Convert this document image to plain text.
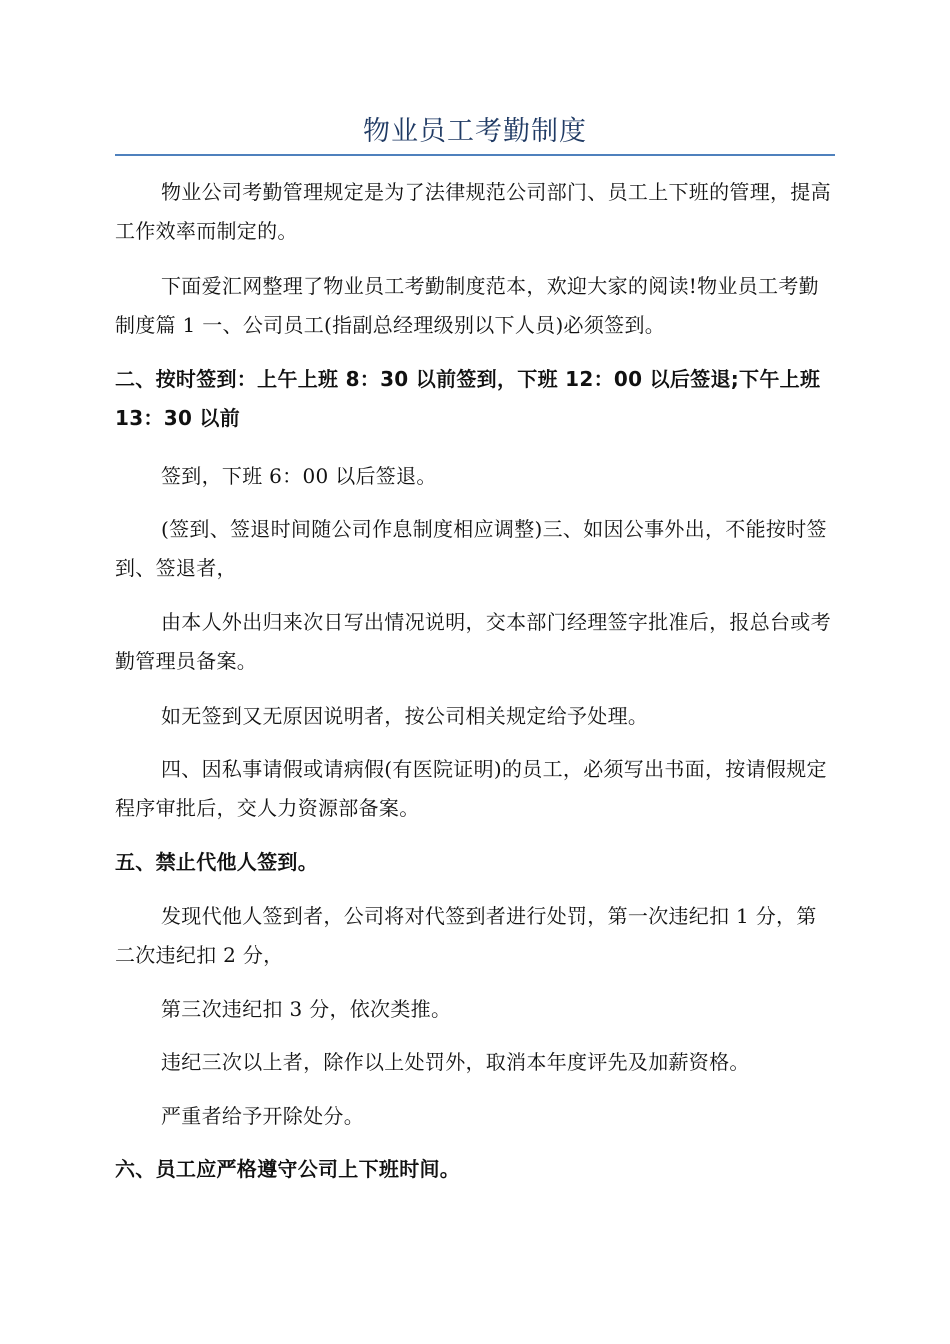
物业员工考勤制度

物业公司考勤管理规定是为了法律规范公司部门、员工上下班的管理，提高工作效率而制定的。

下面爱汇网整理了物业员工考勤制度范本，欢迎大家的阅读!物业员工考勤制度篇 1 一、公司员工(指副总经理级别以下人员)必须签到。

二、按时签到：上午上班 8：30 以前签到，下班 12：00 以后签退;下午上班 13：30 以前

签到，下班 6：00 以后签退。

(签到、签退时间随公司作息制度相应调整)三、如因公事外出，不能按时签到、签退者，

由本人外出归来次日写出情况说明，交本部门经理签字批准后，报总台或考勤管理员备案。

如无签到又无原因说明者，按公司相关规定给予处理。

四、因私事请假或请病假(有医院证明)的员工，必须写出书面，按请假规定程序审批后，交人力资源部备案。

五、禁止代他人签到。

发现代他人签到者，公司将对代签到者进行处罚，第一次违纪扣 1 分，第二次违纪扣 2 分，

第三次违纪扣 3 分，依次类推。

违纪三次以上者，除作以上处罚外，取消本年度评先及加薪资格。

严重者给予开除处分。

六、员工应严格遵守公司上下班时间。
